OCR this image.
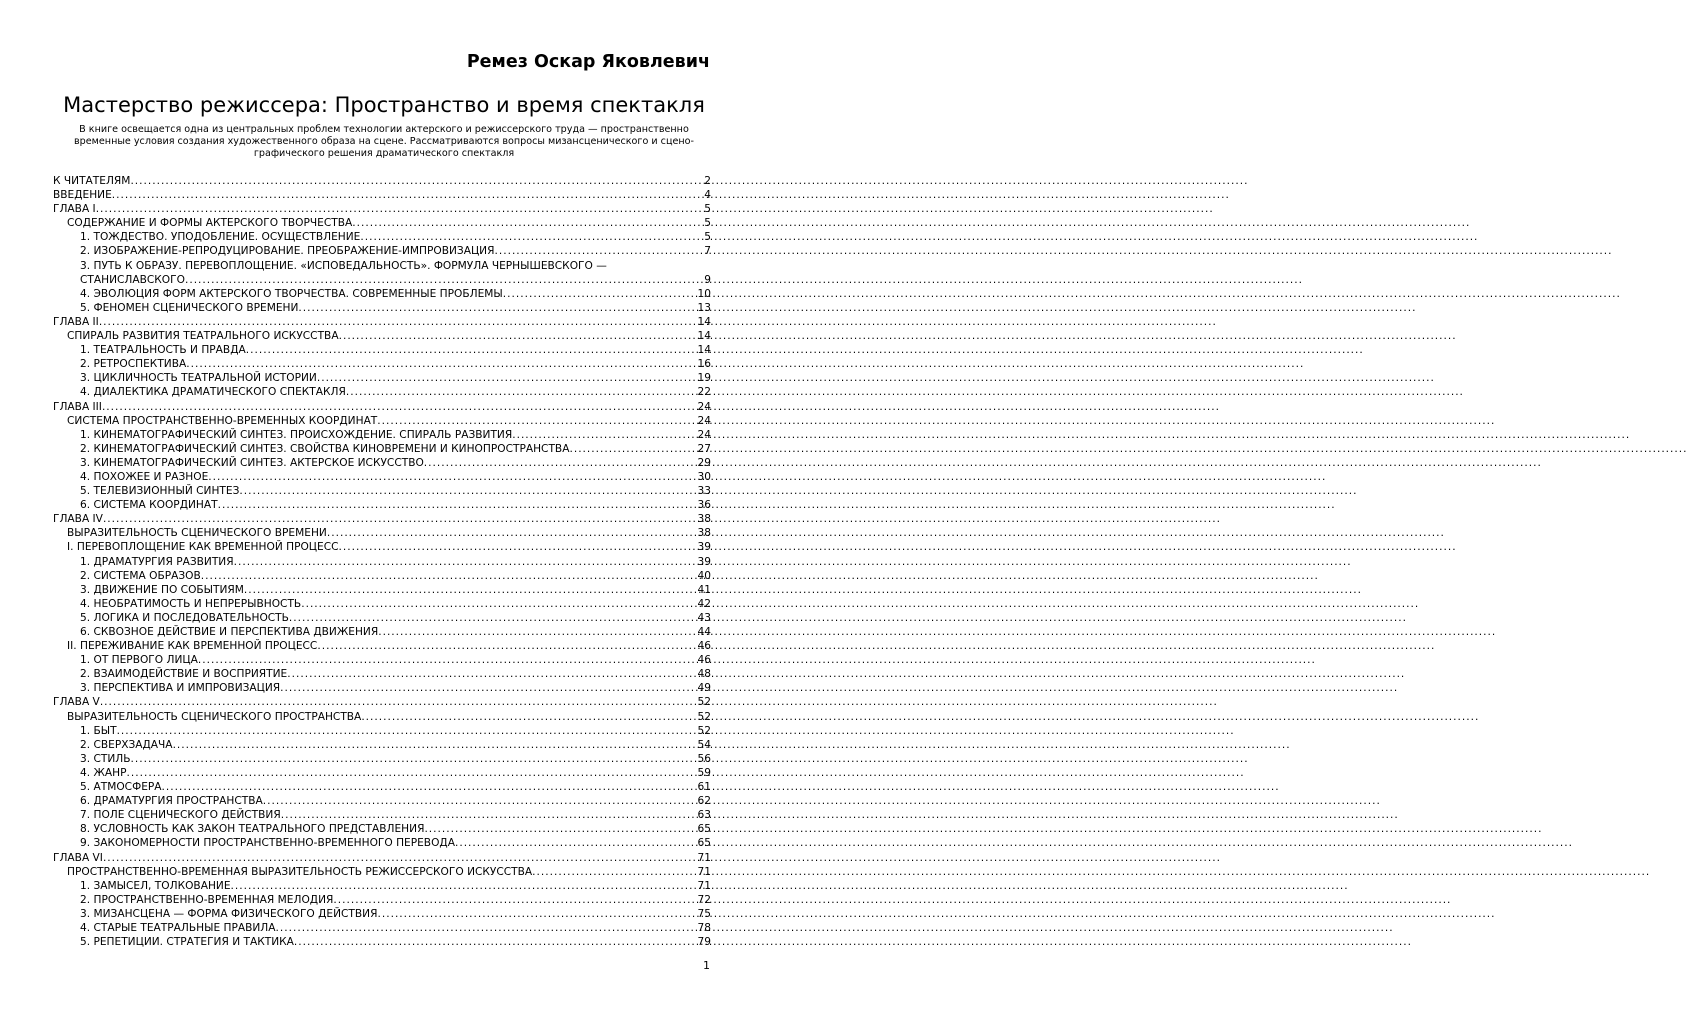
Ремез Оскар Яковлевич
Мастерство режиссера: Пространство и время спектакля
В книге освещается одна из центральных проблем технологии актерского и режиссерского труда — пространственно временные условия создания художественного образа на сцене. Рассматриваются вопросы мизансценического и сцено-графического решения драматического спектакля
К ЧИТАТЕЛЯМ .....	2
ВВЕДЕНИЕ .....	4
ГЛАВА I .....	5
СОДЕРЖАНИЕ И ФОРМЫ АКТЕРСКОГО ТВОРЧЕСТВА .....	5
1. ТОЖДЕСТВО. УПОДОБЛЕНИЕ. ОСУЩЕСТВЛЕНИЕ .....	5
2. ИЗОБРАЖЕНИЕ-РЕПРОДУЦИРОВАНИЕ. ПРЕОБРАЖЕНИЕ-ИМПРОВИЗАЦИЯ .....	7
3. ПУТЬ К ОБРАЗУ. ПЕРЕВОПЛОЩЕНИЕ. «ИСПОВЕДАЛЬНОСТЬ». ФОРМУЛА ЧЕРНЫШЕВСКОГО —
СТАНИСЛАВСКОГО .....	9
4. ЭВОЛЮЦИЯ ФОРМ АКТЕРСКОГО ТВОРЧЕСТВА. СОВРЕМЕННЫЕ ПРОБЛЕМЫ .....	10
5. ФЕНОМЕН СЦЕНИЧЕСКОГО ВРЕМЕНИ .....	13
ГЛАВА II .....	14
СПИРАЛЬ РАЗВИТИЯ ТЕАТРАЛЬНОГО ИСКУССТВА .....	14
1. ТЕАТРАЛЬНОСТЬ И ПРАВДА .....	14
2. РЕТРОСПЕКТИВА .....	16
3. ЦИКЛИЧНОСТЬ ТЕАТРАЛЬНОЙ ИСТОРИИ .....	19
4. ДИАЛЕКТИКА ДРАМАТИЧЕСКОГО СПЕКТАКЛЯ .....	22
ГЛАВА III .....	24
СИСТЕМА ПРОСТРАНСТВЕННО-ВРЕМЕННЫХ КООРДИНАТ .....	24
1. КИНЕМАТОГРАФИЧЕСКИЙ СИНТЕЗ. ПРОИСХОЖДЕНИЕ. СПИРАЛЬ РАЗВИТИЯ .....	24
2. КИНЕМАТОГРАФИЧЕСКИЙ СИНТЕЗ. СВОЙСТВА КИНОВРЕМЕНИ И КИНОПРОСТРАНСТВА .....	27
3. КИНЕМАТОГРАФИЧЕСКИЙ СИНТЕЗ. АКТЕРСКОЕ ИСКУССТВО .....	29
4. ПОХОЖЕЕ И РАЗНОЕ .....	30
5. ТЕЛЕВИЗИОННЫЙ СИНТЕЗ .....	33
6. СИСТЕМА КООРДИНАТ .....	36
ГЛАВА IV .....	38
ВЫРАЗИТЕЛЬНОСТЬ СЦЕНИЧЕСКОГО ВРЕМЕНИ .....	38
I. ПЕРЕВОПЛОЩЕНИЕ КАК ВРЕМЕННОЙ ПРОЦЕСС .....	39
1. ДРАМАТУРГИЯ РАЗВИТИЯ .....	39
2. СИСТЕМА ОБРАЗОВ .....	40
3. ДВИЖЕНИЕ ПО СОБЫТИЯМ .....	41
4. НЕОБРАТИМОСТЬ И НЕПРЕРЫВНОСТЬ .....	42
5. ЛОГИКА И ПОСЛЕДОВАТЕЛЬНОСТЬ .....	43
6. СКВОЗНОЕ ДЕЙСТВИЕ И ПЕРСПЕКТИВА ДВИЖЕНИЯ .....	44
II. ПЕРЕЖИВАНИЕ КАК ВРЕМЕННОЙ ПРОЦЕСС .....	46
1. ОТ ПЕРВОГО ЛИЦА .....	46
2. ВЗАИМОДЕЙСТВИЕ И ВОСПРИЯТИЕ .....	48
3. ПЕРСПЕКТИВА И ИМПРОВИЗАЦИЯ .....	49
ГЛАВА V .....	52
ВЫРАЗИТЕЛЬНОСТЬ СЦЕНИЧЕСКОГО ПРОСТРАНСТВА .....	52
1. БЫТ .....	52
2. СВЕРХЗАДАЧА .....	54
3. СТИЛЬ .....	56
4. ЖАНР .....	59
5. АТМОСФЕРА .....	61
6. ДРАМАТУРГИЯ ПРОСТРАНСТВА .....	62
7. ПОЛЕ СЦЕНИЧЕСКОГО ДЕЙСТВИЯ .....	63
8. УСЛОВНОСТЬ КАК ЗАКОН ТЕАТРАЛЬНОГО ПРЕДСТАВЛЕНИЯ .....	65
9. ЗАКОНОМЕРНОСТИ ПРОСТРАНСТВЕННО-ВРЕМЕННОГО ПЕРЕВОДА .....	65
ГЛАВА VI .....	71
ПРОСТРАНСТВЕННО-ВРЕМЕННАЯ ВЫРАЗИТЕЛЬНОСТЬ РЕЖИССЕРСКОГО ИСКУССТВА .....	71
1. ЗАМЫСЕЛ, ТОЛКОВАНИЕ .....	71
2. ПРОСТРАНСТВЕННО-ВРЕМЕННАЯ МЕЛОДИЯ .....	72
3. МИЗАНСЦЕНА — ФОРМА ФИЗИЧЕСКОГО ДЕЙСТВИЯ .....	75
4. СТАРЫЕ ТЕАТРАЛЬНЫЕ ПРАВИЛА .....	78
5. РЕПЕТИЦИИ. СТРАТЕГИЯ И ТАКТИКА .....	79
1
